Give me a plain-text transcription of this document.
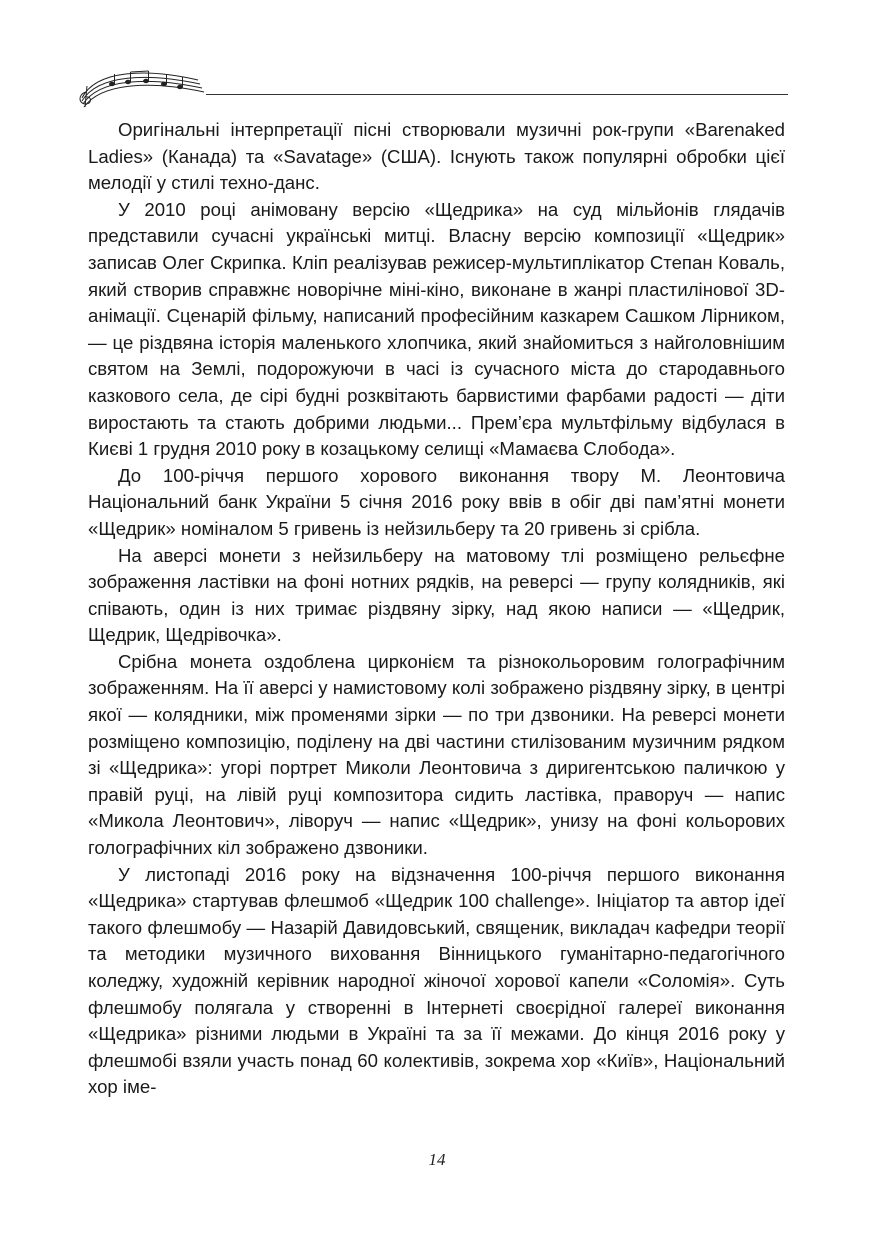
Оригінальні інтерпретації пісні створювали музичні рок-групи «Barenaked Ladies» (Канада) та «Savatage» (США). Існують також популярні обробки цієї мелодії у стилі техно-данс.

У 2010 році анімовану версію «Щедрика» на суд мільйонів глядачів представили сучасні українські митці. Власну версію композиції «Щедрик» записав Олег Скрипка. Кліп реалізував режисер-мультиплікатор Степан Коваль, який створив справжнє новорічне міні-кіно, виконане в жанрі пластилінової 3D-анімації. Сценарій фільму, написаний професійним казкарем Сашком Лірником, — це різдвяна історія маленького хлопчика, який знайомиться з найголовнішим святом на Землі, подорожуючи в часі із сучасного міста до стародавнього казкового села, де сірі будні розквітають барвистими фарбами радості — діти виростають та стають добрими людьми... Прем’єра мультфільму відбулася в Києві 1 грудня 2010 року в козацькому селищі «Мамаєва Слобода».

До 100-річчя першого хорового виконання твору М. Леонтовича Національний банк України 5 січня 2016 року ввів в обіг дві пам’ятні монети «Щедрик» номіналом 5 гривень із нейзильберу та 20 гривень зі срібла.

На аверсі монети з нейзильберу на матовому тлі розміщено рельєфне зображення ластівки на фоні нотних рядків, на реверсі — групу колядників, які співають, один із них тримає різдвяну зірку, над якою написи — «Щедрик, Щедрик, Щедрівочка».

Срібна монета оздоблена цирконієм та різнокольоровим голографічним зображенням. На її аверсі у намистовому колі зображено різдвяну зірку, в центрі якої — колядники, між променями зірки — по три дзвоники. На реверсі монети розміщено композицію, поділену на дві частини стилізованим музичним рядком зі «Щедрика»: угорі портрет Миколи Леонтовича з диригентською паличкою у правій руці, на лівій руці композитора сидить ластівка, праворуч — напис «Микола Леонтович», ліворуч — напис «Щедрик», унизу на фоні кольорових голографічних кіл зображено дзвоники.

У листопаді 2016 року на відзначення 100-річчя першого виконання «Щедрика» стартував флешмоб «Щедрик 100 challenge». Ініціатор та автор ідеї такого флешмобу — Назарій Давидовський, священик, викладач кафедри теорії та методики музичного виховання Вінницького гуманітарно-педагогічного коледжу, художній керівник народної жіночої хорової капели «Соломія». Суть флешмобу полягала у створенні в Інтернеті своєрідної галереї виконання «Щедрика» різними людьми в Україні та за її межами. До кінця 2016 року у флешмобі взяли участь понад 60 колективів, зокрема хор «Київ», Національний хор іме-

14
